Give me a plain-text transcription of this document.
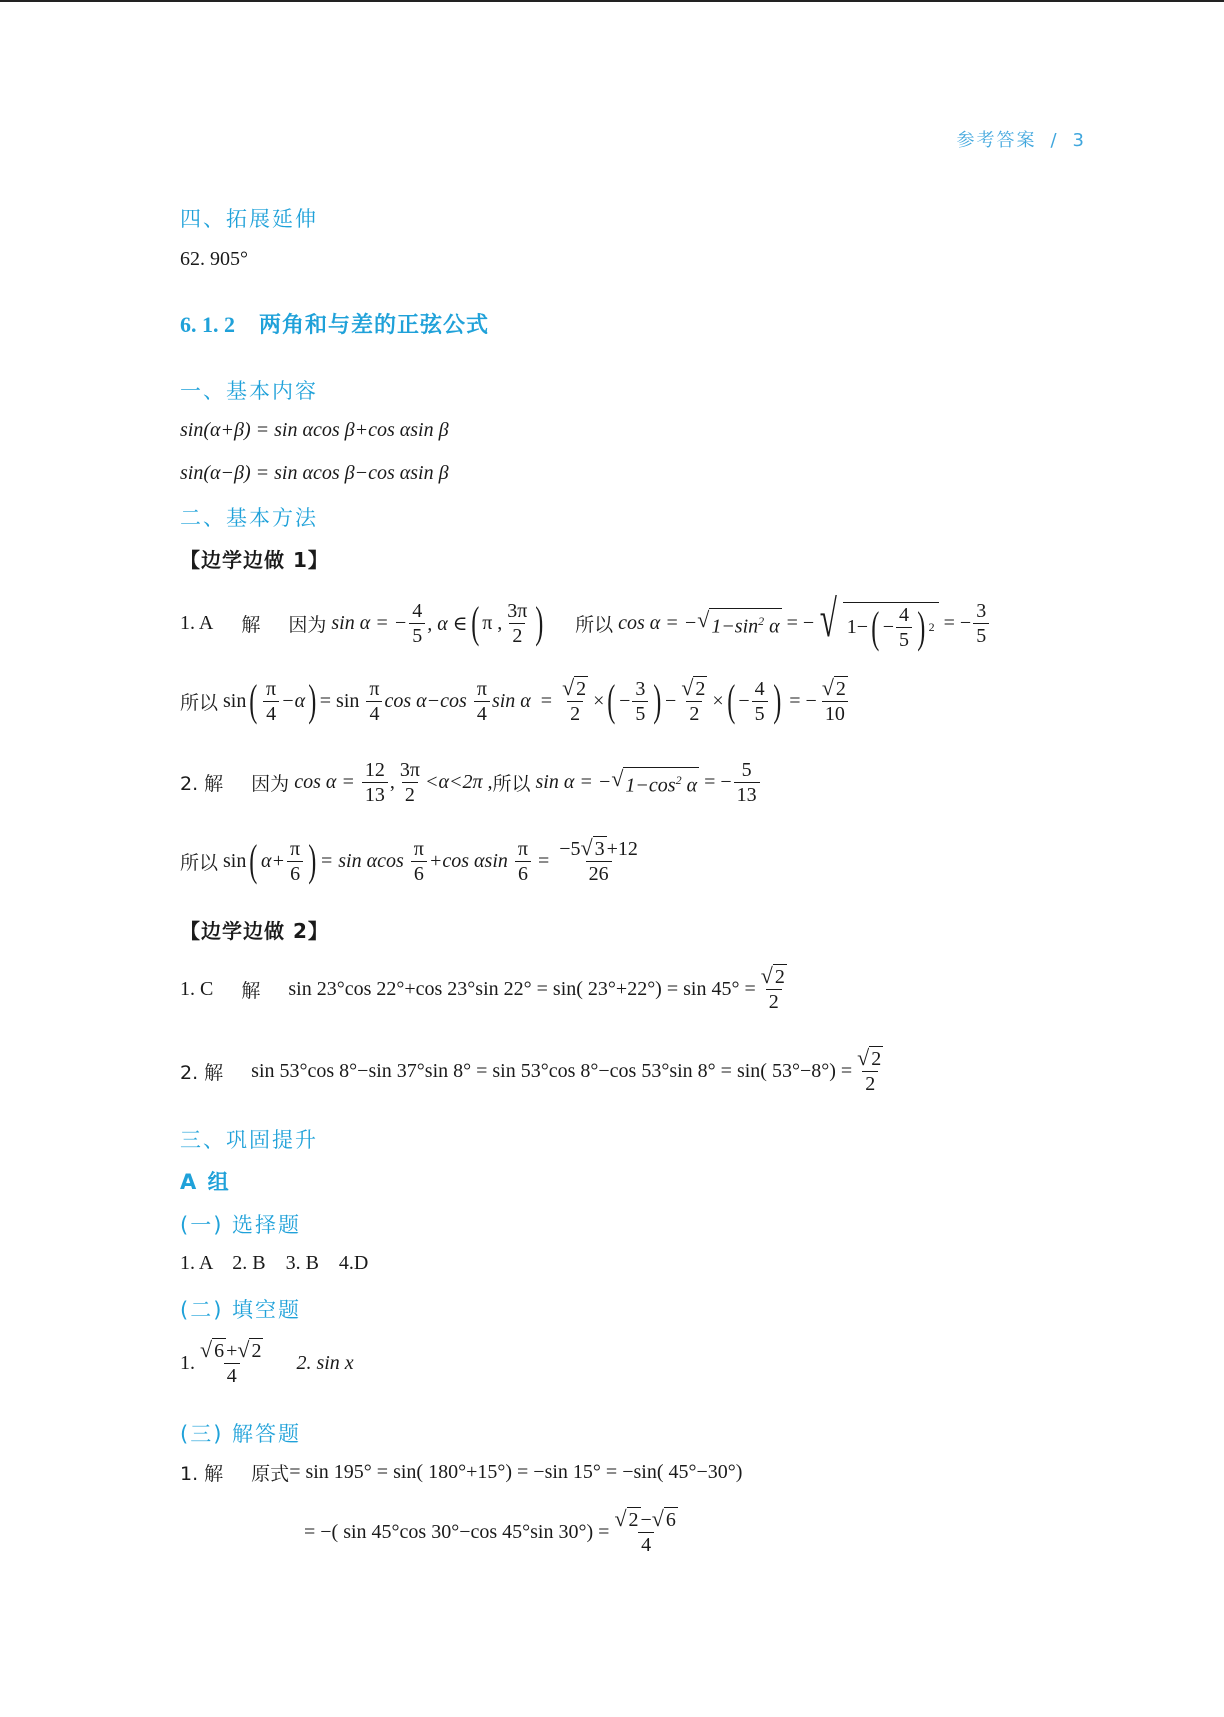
参考答案 / 3
四、拓展延伸
62. 905°
6. 1. 2 两角和与差的正弦公式
一、基本内容
sin(α+β) = sin αcos β+cos αsin β
sin(α−β) = sin αcos β−cos αsin β
二、基本方法
【边学边做 1】
1. A 解 因为 sin α = − $\frac{4}{5}$ , α ∈ ( π , $\frac{3\pi}{2}$ ) 所以 cos α = − √ $1-\sin^2$ α = − √ 1− ( − $\frac{4}{5}$ ) 2 = − $\frac{3}{5}$
所以 sin ( $\frac{\pi}{4} -\alpha$ ) = $\sin \frac{\pi}{4}$ $\cos \alpha-\cos \frac{\pi}{4}$ $\sin \alpha = \frac{√ 2}{2}$ × ( − $\frac{3}{5}$ ) − $\frac{√ 2}{2}$ × ( − $\frac{4}{5}$ ) = − $\frac{√ 2}{10}$
2. 解 因为 $\cos \alpha = \frac{12}{13}$ , $\frac{3\pi}{2} <\alpha<2\pi$ , 所以 sin α = − √ $1-\cos^2$ α = − $\frac{5}{13}$
所以 sin ( $\alpha+ \frac{\pi}{6}$ ) = sin αcos $\frac{\pi}{6} +\cos$ αsin $\frac{\pi}{6} = \frac{-5 √ 3 +12}{26}$
【边学边做 2】
1. C 解 sin 23°cos 22°+cos 23°sin 22° = sin( $23^\circ+22^\circ) = \sin 45^\circ = \frac{√ 2}{2}$
2. 解 sin 53°cos 8°−sin 37°sin 8° = sin 53°cos 8°−cos 53°sin 8° = sin( $53^\circ-8^\circ) = \frac{√ 2}{2}$
三、巩固提升
A 组
(一) 选择题
1. A    2. B    3. B    4.D
(二) 填空题
1. $\frac{√ 6 + √ 2}{4} 2$. sin x
(三) 解答题
1. 解 原式 = sin 195° = sin( 180°+15°) = −sin 15° = −sin( 45°−30°)
= −( sin 45°cos 30°−cos 45°sin $30^\circ) = \frac{√ 2 - √ 6}{4}$
